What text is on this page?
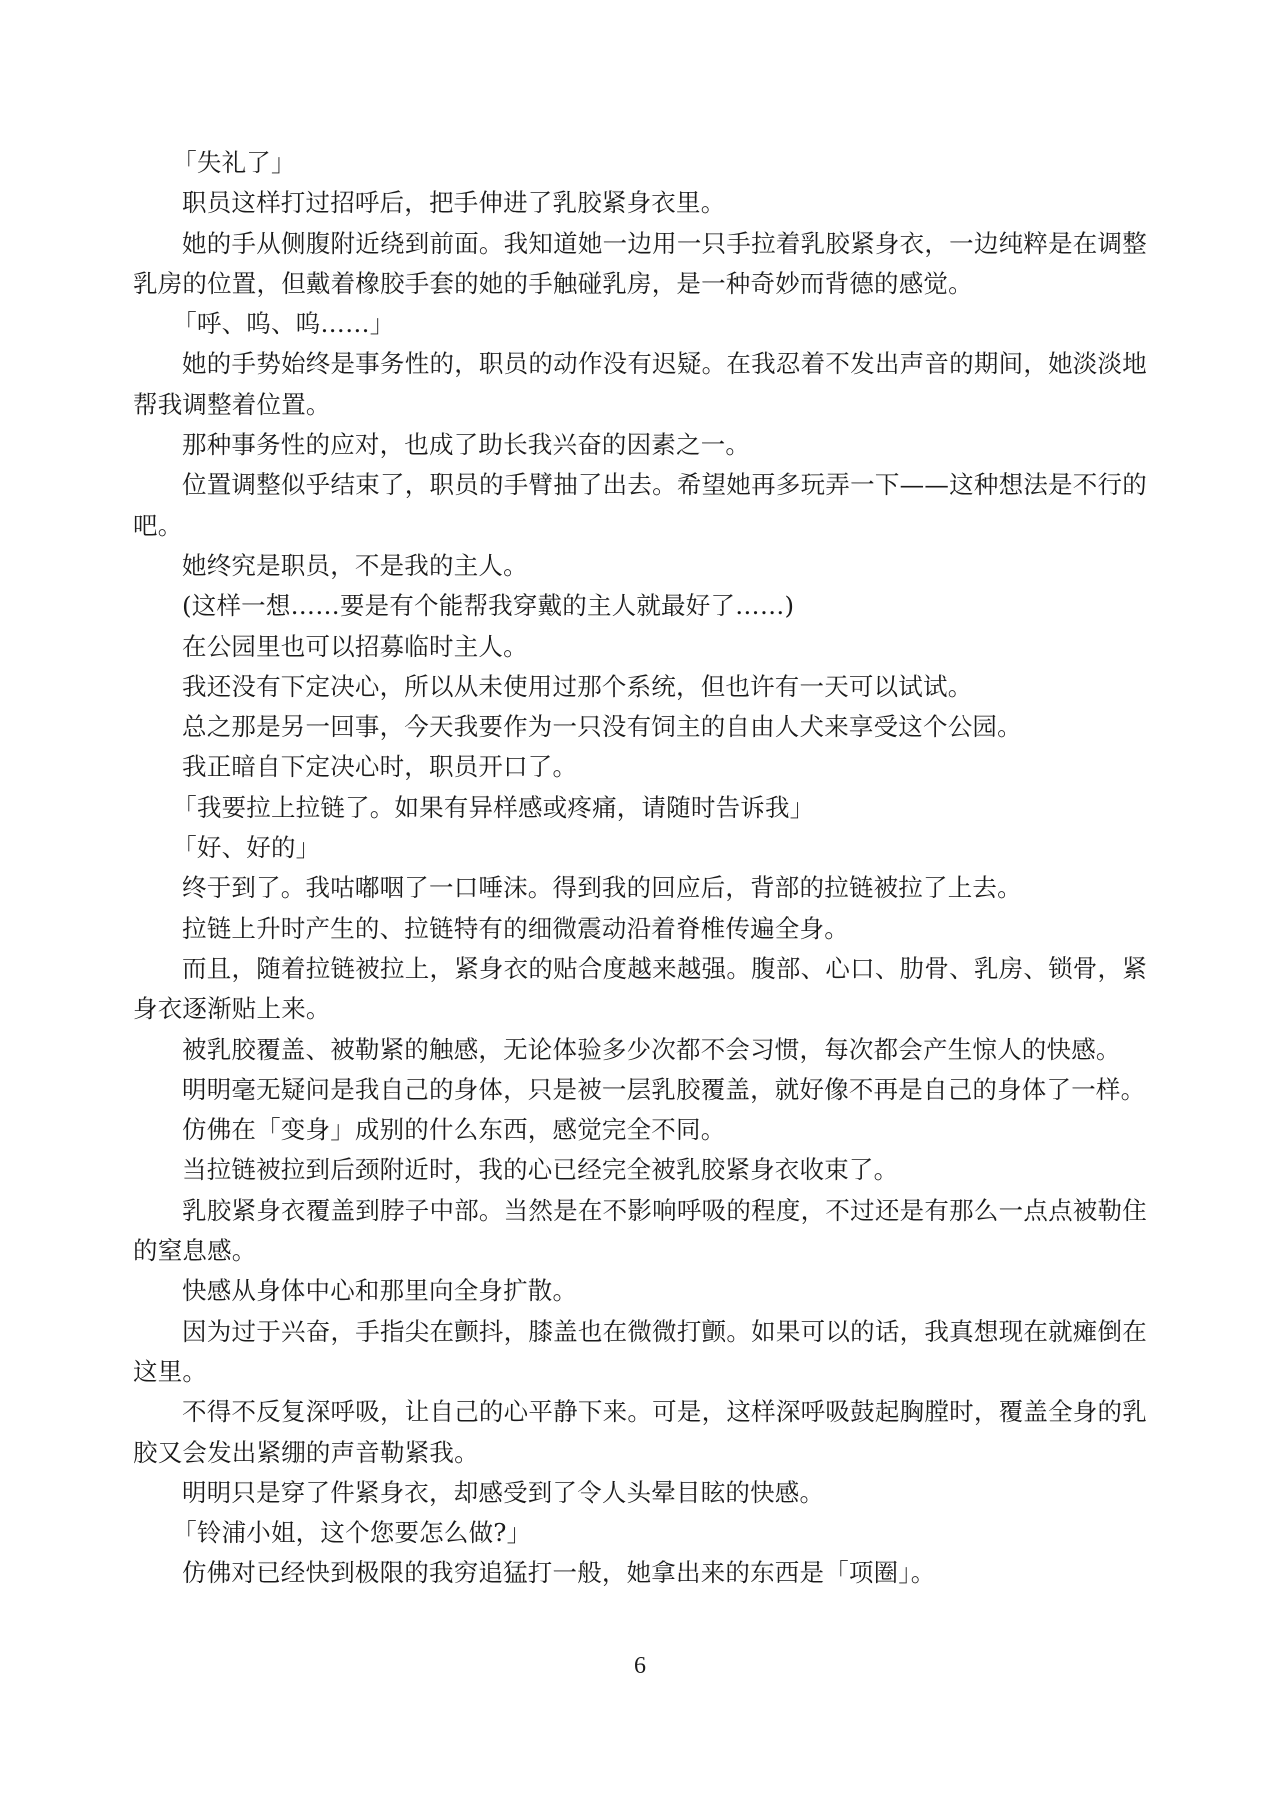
「失礼了」

职员这样打过招呼后，把手伸进了乳胶紧身衣里。

她的手从侧腹附近绕到前面。我知道她一边用一只手拉着乳胶紧身衣，一边纯粹是在调整乳房的位置，但戴着橡胶手套的她的手触碰乳房，是一种奇妙而背德的感觉。

「呼、呜、呜……」

她的手势始终是事务性的，职员的动作没有迟疑。在我忍着不发出声音的期间，她淡淡地帮我调整着位置。

那种事务性的应对，也成了助长我兴奋的因素之一。

位置调整似乎结束了，职员的手臂抽了出去。希望她再多玩弄一下——这种想法是不行的吧。

她终究是职员，不是我的主人。

(这样一想……要是有个能帮我穿戴的主人就最好了……)

在公园里也可以招募临时主人。

我还没有下定决心，所以从未使用过那个系统，但也许有一天可以试试。

总之那是另一回事，今天我要作为一只没有饲主的自由人犬来享受这个公园。

我正暗自下定决心时，职员开口了。

「我要拉上拉链了。如果有异样感或疼痛，请随时告诉我」

「好、好的」

终于到了。我咕嘟咽了一口唾沫。得到我的回应后，背部的拉链被拉了上去。

拉链上升时产生的、拉链特有的细微震动沿着脊椎传遍全身。

而且，随着拉链被拉上，紧身衣的贴合度越来越强。腹部、心口、肋骨、乳房、锁骨，紧身衣逐渐贴上来。

被乳胶覆盖、被勒紧的触感，无论体验多少次都不会习惯，每次都会产生惊人的快感。

明明毫无疑问是我自己的身体，只是被一层乳胶覆盖，就好像不再是自己的身体了一样。

仿佛在「变身」成别的什么东西，感觉完全不同。

当拉链被拉到后颈附近时，我的心已经完全被乳胶紧身衣收束了。

乳胶紧身衣覆盖到脖子中部。当然是在不影响呼吸的程度，不过还是有那么一点点被勒住的窒息感。

快感从身体中心和那里向全身扩散。

因为过于兴奋，手指尖在颤抖，膝盖也在微微打颤。如果可以的话，我真想现在就瘫倒在这里。

不得不反复深呼吸，让自己的心平静下来。可是，这样深呼吸鼓起胸膛时，覆盖全身的乳胶又会发出紧绷的声音勒紧我。

明明只是穿了件紧身衣，却感受到了令人头晕目眩的快感。

「铃浦小姐，这个您要怎么做?」

仿佛对已经快到极限的我穷追猛打一般，她拿出来的东西是「项圈」。

6
